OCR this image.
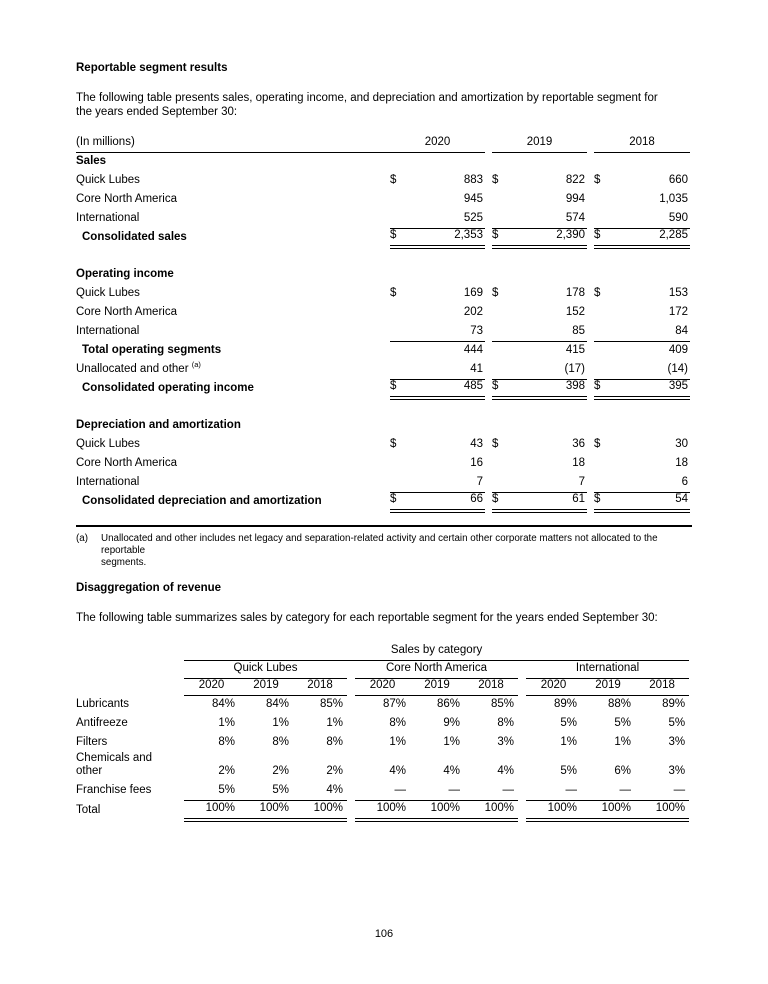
Reportable segment results

The following table presents sales, operating income, and depreciation and amortization by reportable segment for
the years ended September 30:

(In millions)	2020			2019			2018	
Sales								
Quick Lubes	$	883		$	822		$	660
Core North America		945			994			1,035
International		525			574			590
Consolidated sales	$	2,353		$	2,390		$	2,285

Operating income								
Quick Lubes	$	169		$	178		$	153
Core North America		202			152			172
International		73			85			84
Total operating segments		444			415			409
Unallocated and other $^{(a)}$		41			(17)			(14)
Consolidated operating income	$	485		$	398		$	395

Depreciation and amortization								
Quick Lubes	$	43		$	36		$	30
Core North America		16			18			18
International		7			7			6
Consolidated depreciation and amortization	$	66		$	61		$	54
(a)	Unallocated and other includes net legacy and separation-related activity and certain other corporate matters not allocated to the reportable
segments.
Disaggregation of revenue

The following table summarizes sales by category for each reportable segment for the years ended September 30:

	Sales by category										
	Quick Lubes				Core North America				International		
	2020	2019	2018		2020	2019	2018		2020	2019	2018
Lubricants	84%	84%	85%		87%	86%	85%		89%	88%	89%
Antifreeze	1%	1%	1%		8%	9%	8%		5%	5%	5%
Filters	8%	8%	8%		1%	1%	3%		1%	1%	3%
Chemicals and other	2%	2%	2%		4%	4%	4%		5%	6%	3%
Franchise fees	5%	5%	4%		—	—	—		—	—	—
Total	100%	100%	100%		100%	100%	100%		100%	100%	100%
106
